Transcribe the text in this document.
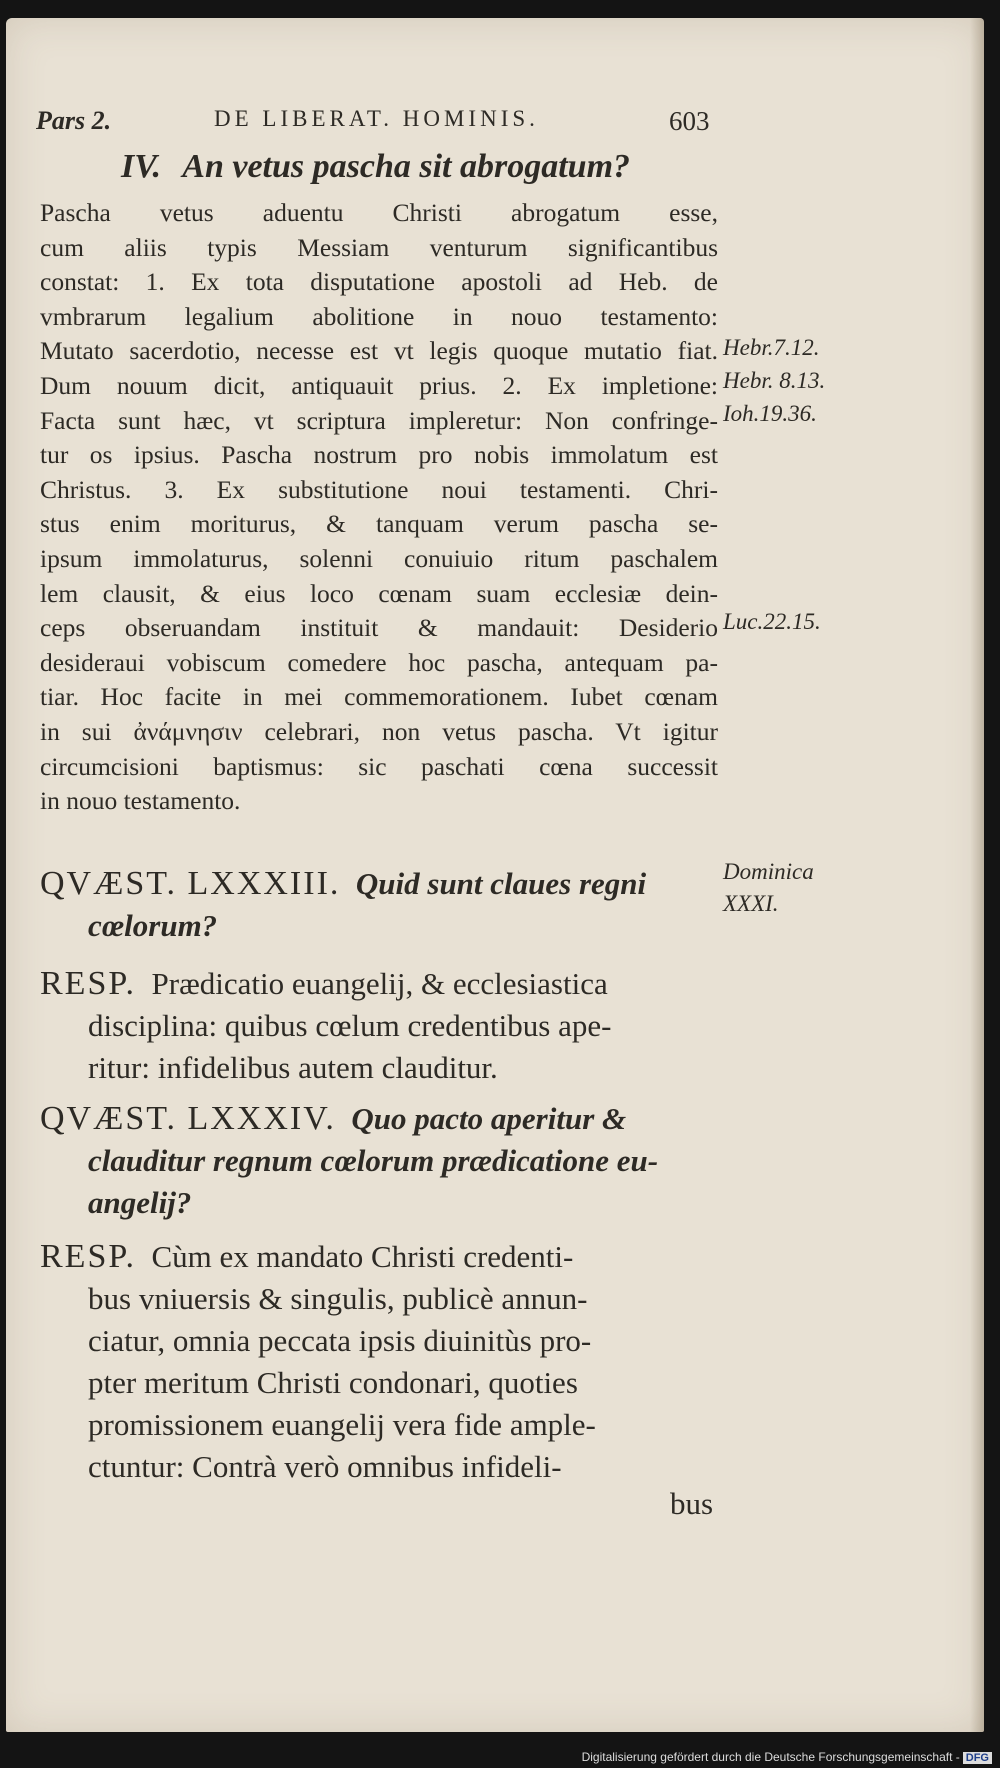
Pars 2.	DE LIBERAT. HOMINIS.	603
IV. An vetus pascha sit abrogatum?
Pascha vetus aduentu Christi abrogatum esse,
cum aliis typis Messiam venturum significantibus
constat: 1. Ex tota disputatione apostoli ad Heb. de
vmbrarum legalium abolitione in nouo testamento:
Mutato sacerdotio, necesse est vt legis quoque mutatio fiat.
Dum nouum dicit, antiquauit prius. 2. Ex impletione:
Facta sunt hæc, vt scriptura impleretur: Non confringe-
tur os ipsius. Pascha nostrum pro nobis immolatum est
Christus. 3. Ex substitutione noui testamenti. Chri-
stus enim moriturus, & tanquam verum pascha se-
ipsum immolaturus, solenni conuiuio ritum paschalem
lem clausit, & eius loco cœnam suam ecclesiæ dein-
ceps obseruandam instituit & mandauit: Desiderio
desideraui vobiscum comedere hoc pascha, antequam pa-
tiar. Hoc facite in mei commemorationem. Iubet cœnam
in sui ἀνάμνησιν celebrari, non vetus pascha. Vt igitur
circumcisioni baptismus: sic paschati cœna successit
in nouo testamento.
Hebr.7.12.
Hebr. 8.13.
Ioh.19.36.
Luc.22.15.
Dominica
XXXI.
QVÆST. LXXXIII. Quid sunt claues regni
cœlorum?
RESP. Prædicatio euangelij, & ecclesiastica
disciplina: quibus cœlum credentibus ape-
ritur: infidelibus autem clauditur.
QVÆST. LXXXIV. Quo pacto aperitur &
clauditur regnum cœlorum prædicatione eu-
angelij?
RESP. Cùm ex mandato Christi credenti-
bus vniuersis & singulis, publicè annun-
ciatur, omnia peccata ipsis diuinitùs pro-
pter meritum Christi condonari, quoties
promissionem euangelij vera fide ample-
ctuntur: Contrà verò omnibus infideli-
bus
Digitalisierung gefördert durch die Deutsche Forschungsgemeinschaft - DFG
